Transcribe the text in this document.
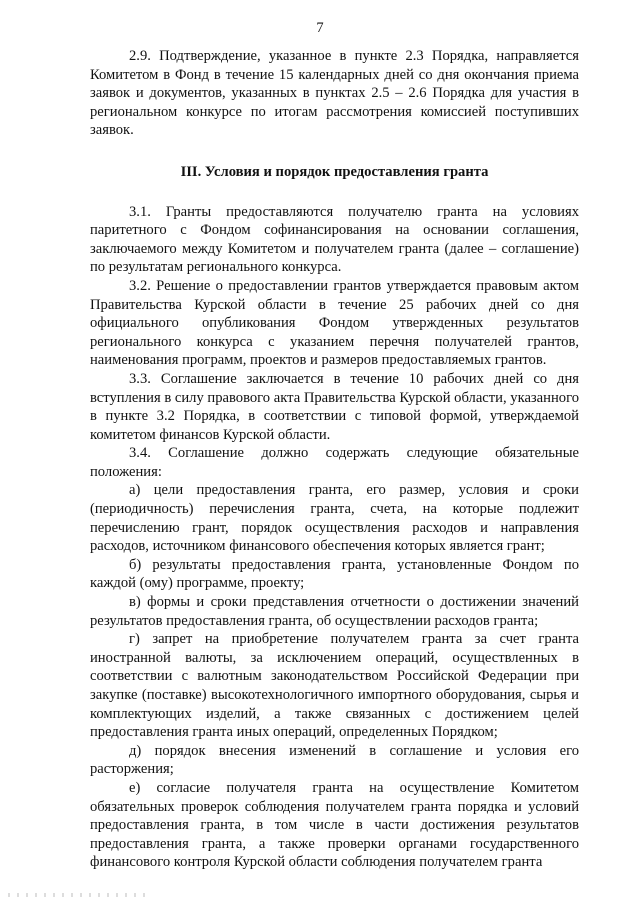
7

2.9. Подтверждение, указанное в пункте 2.3 Порядка, направляется Комитетом в Фонд в течение 15 календарных дней со дня окончания приема заявок и документов, указанных в пунктах 2.5 – 2.6 Порядка для участия в региональном конкурсе по итогам рассмотрения комиссией поступивших заявок.

III. Условия и порядок предоставления гранта

3.1. Гранты предоставляются получателю гранта на условиях паритетного с Фондом софинансирования на основании соглашения, заключаемого между Комитетом и получателем гранта (далее – соглашение) по результатам регионального конкурса.

3.2. Решение о предоставлении грантов утверждается правовым актом Правительства Курской области в течение 25 рабочих дней со дня официального опубликования Фондом утвержденных результатов регионального конкурса с указанием перечня получателей грантов, наименования программ, проектов и размеров предоставляемых грантов.

3.3. Соглашение заключается в течение 10 рабочих дней со дня вступления в силу правового акта Правительства Курской области, указанного в пункте 3.2 Порядка, в соответствии с типовой формой, утверждаемой комитетом финансов Курской области.

3.4. Соглашение должно содержать следующие обязательные положения:

а) цели предоставления гранта, его размер, условия и сроки (периодичность) перечисления гранта, счета, на которые подлежит перечислению грант, порядок осуществления расходов и направления расходов, источником финансового обеспечения которых является грант;

б) результаты предоставления гранта, установленные Фондом по каждой (ому) программе, проекту;

в) формы и сроки представления отчетности о достижении значений результатов предоставления гранта, об осуществлении расходов гранта;

г) запрет на приобретение получателем гранта за счет гранта иностранной валюты, за исключением операций, осуществленных в соответствии с валютным законодательством Российской Федерации при закупке (поставке) высокотехнологичного импортного оборудования, сырья и комплектующих изделий, а также связанных с достижением целей предоставления гранта иных операций, определенных Порядком;

д) порядок внесения изменений в соглашение и условия его расторжения;

е) согласие получателя гранта на осуществление Комитетом обязательных проверок соблюдения получателем гранта порядка и условий предоставления гранта, в том числе в части достижения результатов предоставления гранта, а также проверки органами государственного финансового контроля Курской области соблюдения получателем гранта
